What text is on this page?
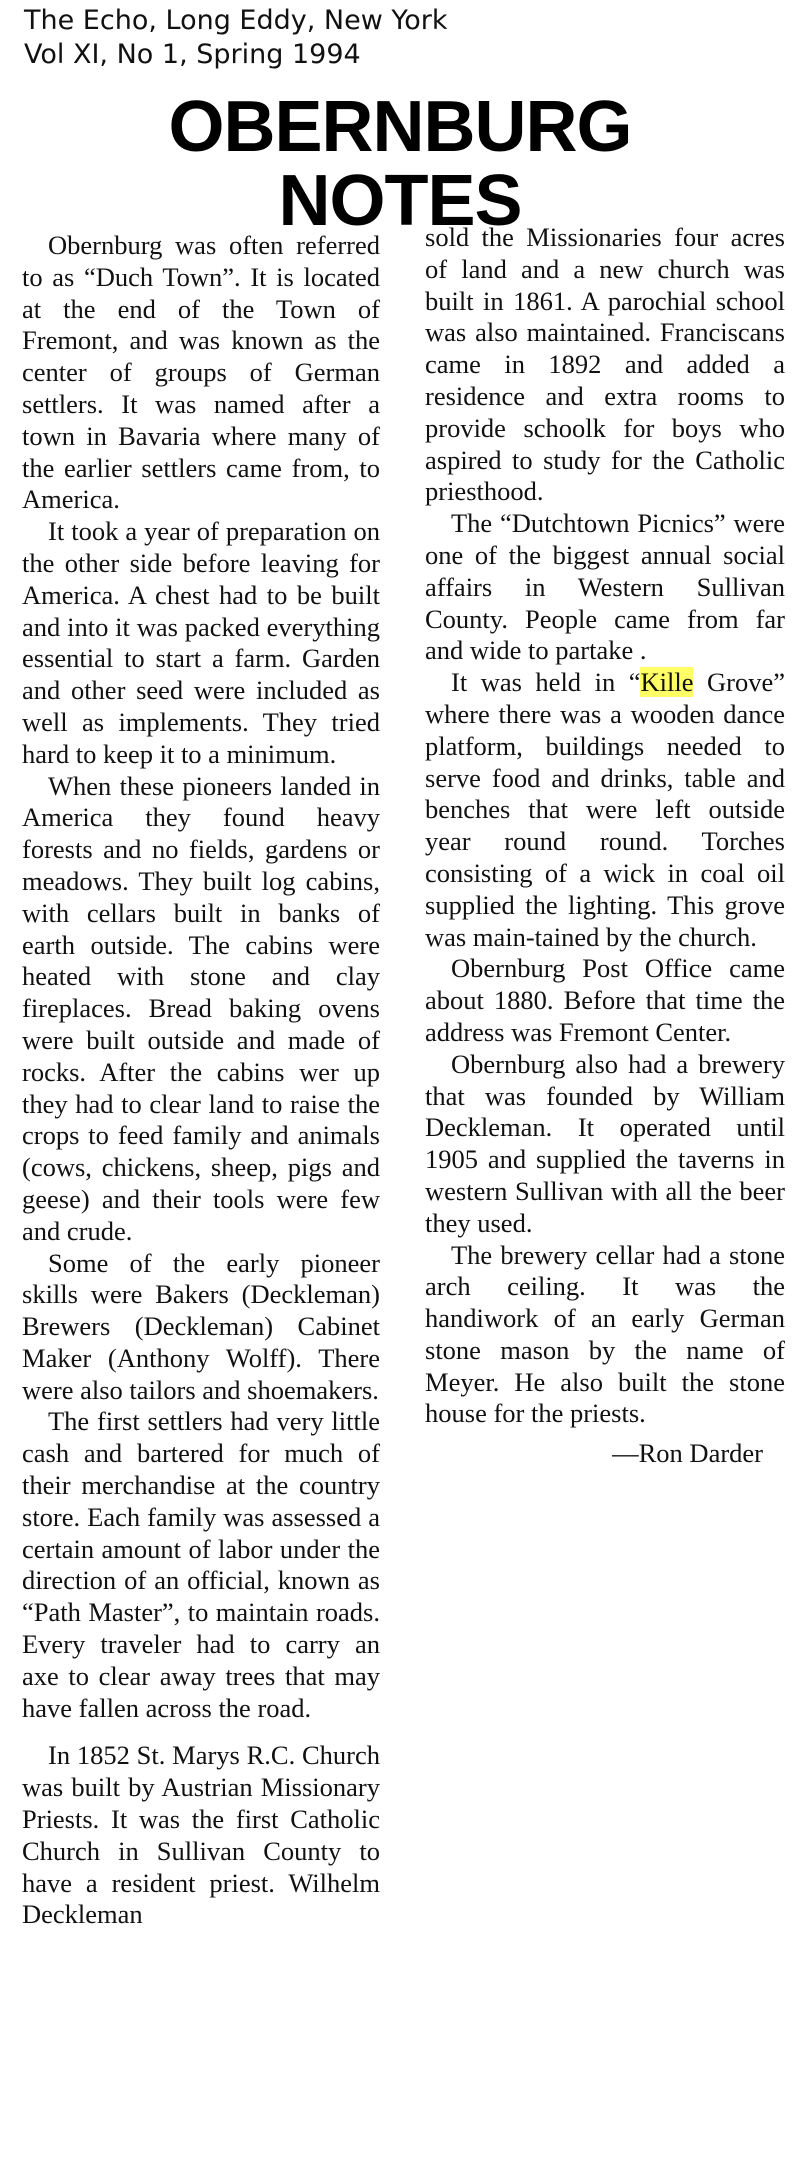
The Echo, Long Eddy, New York
Vol XI, No 1, Spring 1994
OBERNBURG
NOTES

Obernburg was often referred to as “Duch Town”. It is located at the end of the Town of Fremont, and was known as the center of groups of German settlers. It was named after a town in Bavaria where many of the earlier settlers came from, to America.

It took a year of preparation on the other side before leaving for America. A chest had to be built and into it was packed everything essential to start a farm. Garden and other seed were included as well as implements. They tried hard to keep it to a minimum.

When these pioneers landed in America they found heavy forests and no fields, gardens or meadows. They built log cabins, with cellars built in banks of earth outside. The cabins were heated with stone and clay fireplaces. Bread baking ovens were built outside and made of rocks. After the cabins wer up they had to clear land to raise the crops to feed family and animals (cows, chickens, sheep, pigs and geese) and their tools were few and crude.

Some of the early pioneer skills were Bakers (Deckleman) Brewers (Deckleman) Cabinet Maker (Anthony Wolff). There were also tailors and shoemakers.

The first settlers had very little cash and bartered for much of their merchandise at the country store. Each family was assessed a certain amount of labor under the direction of an official, known as “Path Master”, to maintain roads. Every traveler had to carry an axe to clear away trees that may have fallen across the road.

In 1852 St. Marys R.C. Church was built by Austrian Missionary Priests. It was the first Catholic Church in Sullivan County to have a resident priest. Wilhelm Deckleman

sold the Missionaries four acres of land and a new church was built in 1861. A parochial school was also maintained. Franciscans came in 1892 and added a residence and extra rooms to provide schoolk for boys who aspired to study for the Catholic priesthood.

The “Dutchtown Picnics” were one of the biggest annual social affairs in Western Sullivan County. People came from far and wide to partake .

It was held in “Kille Grove” where there was a wooden dance platform, buildings needed to serve food and drinks, table and benches that were left outside year round round. Torches consisting of a wick in coal oil supplied the lighting. This grove was main-tained by the church.

Obernburg Post Office came about 1880. Before that time the address was Fremont Center.

Obernburg also had a brewery that was founded by William Deckleman. It operated until 1905 and supplied the taverns in western Sullivan with all the beer they used.

The brewery cellar had a stone arch ceiling. It was the handiwork of an early German stone mason by the name of Meyer. He also built the stone house for the priests.

—Ron Darder
